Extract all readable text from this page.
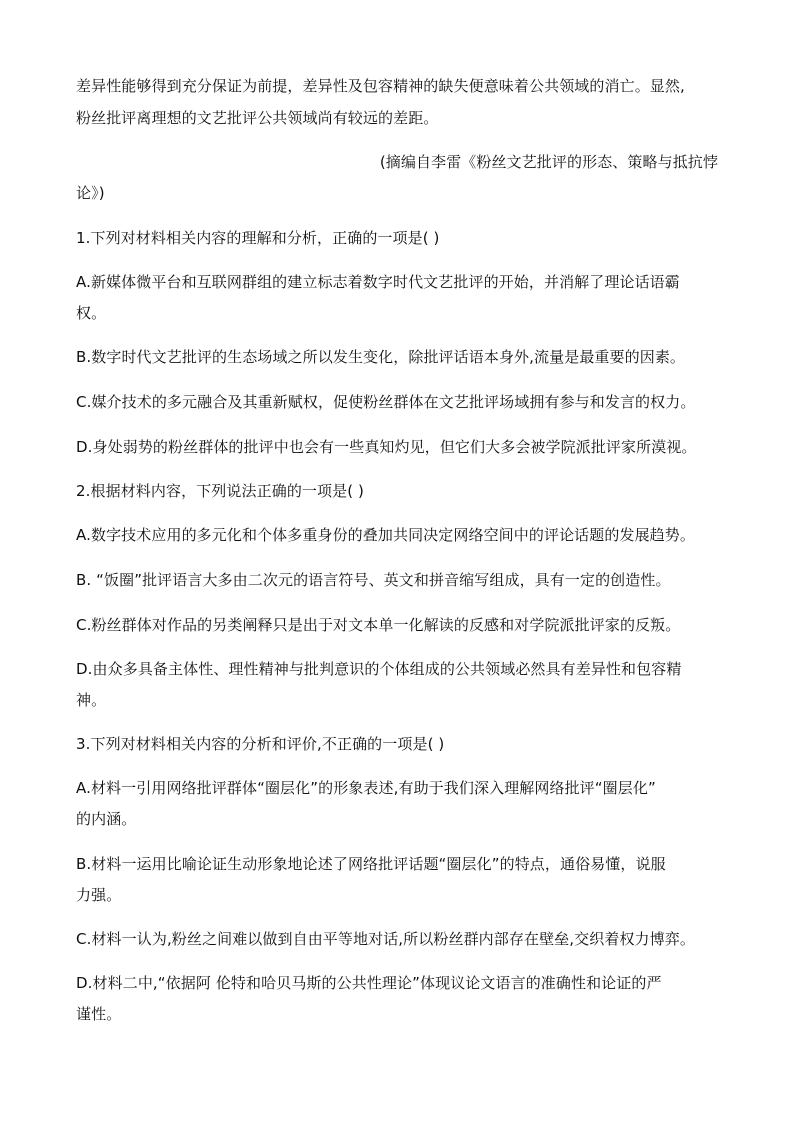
差异性能够得到充分保证为前提，差异性及包容精神的缺失便意味着公共领域的消亡。显然,
粉丝批评离理想的文艺批评公共领域尚有较远的差距。
(摘编自李雷《粉丝文艺批评的形态、策略与抵抗悖
论》)
1.下列对材料相关内容的理解和分析，正确的一项是( )
A.新媒体微平台和互联网群组的建立标志着数字时代文艺批评的开始，并消解了理论话语霸
权。
B.数字时代文艺批评的生态场域之所以发生变化，除批评话语本身外,流量是最重要的因素。
C.媒介技术的多元融合及其重新赋权，促使粉丝群体在文艺批评场域拥有参与和发言的权力。
D.身处弱势的粉丝群体的批评中也会有一些真知灼见，但它们大多会被学院派批评家所漠视。
2.根据材料内容，下列说法正确的一项是( )
A.数字技术应用的多元化和个体多重身份的叠加共同决定网络空间中的评论话题的发展趋势。
B. “饭圈”批评语言大多由二次元的语言符号、英文和拼音缩写组成，具有一定的创造性。
C.粉丝群体对作品的另类阐释只是出于对文本单一化解读的反感和对学院派批评家的反叛。
D.由众多具备主体性、理性精神与批判意识的个体组成的公共领域必然具有差异性和包容精
神。
3.下列对材料相关内容的分析和评价,不正确的一项是( )
A.材料一引用网络批评群体“圈层化”的形象表述,有助于我们深入理解网络批评“圈层化”
的内涵。
B.材料一运用比喻论证生动形象地论述了网络批评话题“圈层化”的特点，通俗易懂，说服
力强。
C.材料一认为,粉丝之间难以做到自由平等地对话,所以粉丝群内部存在壁垒,交织着权力博弈。
D.材料二中,“依据阿 伦特和哈贝马斯的公共性理论”体现议论文语言的准确性和论证的严
谨性。
